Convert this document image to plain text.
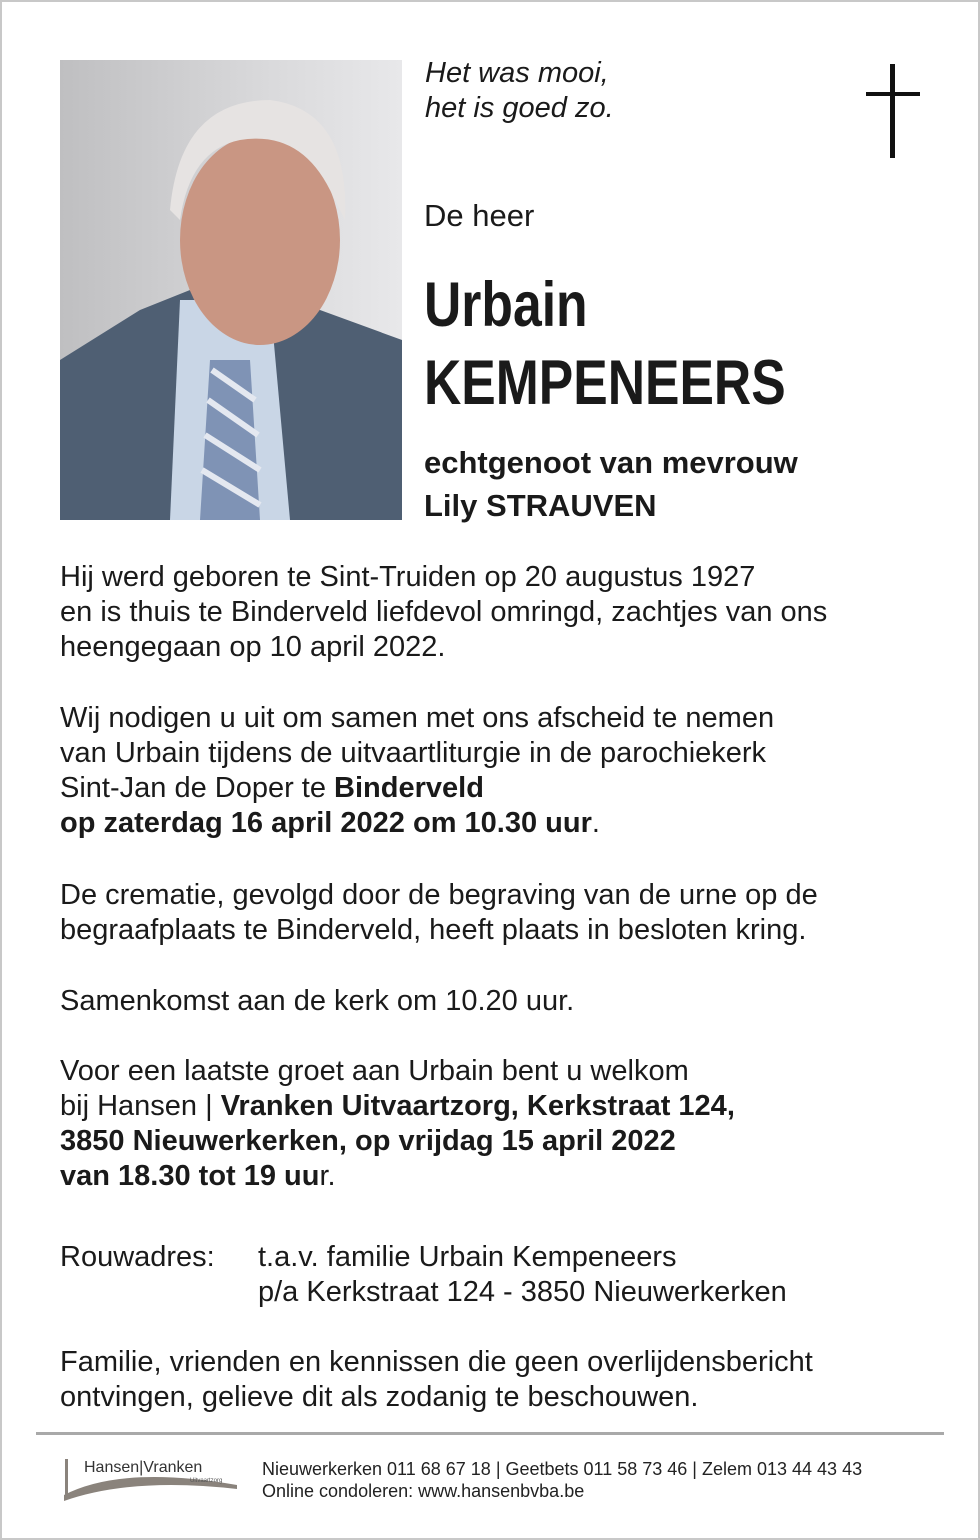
Het was mooi,
het is goed zo.
De heer
Urbain
KEMPENEERS
echtgenoot van mevrouw
Lily STRAUVEN
Hij werd geboren te Sint-Truiden op 20 augustus 1927
en is thuis te Binderveld liefdevol omringd, zachtjes van ons
heengegaan op 10 april 2022.
Wij nodigen u uit om samen met ons afscheid te nemen
van Urbain tijdens de uitvaartliturgie in de parochiekerk
Sint-Jan de Doper te Binderveld
op zaterdag 16 april 2022 om 10.30 uur.
De crematie, gevolgd door de begraving van de urne op de
begraafplaats te Binderveld, heeft plaats in besloten kring.
Samenkomst aan de kerk om 10.20 uur.
Voor een laatste groet aan Urbain bent u welkom
bij Hansen | Vranken Uitvaartzorg, Kerkstraat 124,
3850 Nieuwerkerken, op vrijdag 15 april 2022
van 18.30 tot 19 uur.
Rouwadres: t.a.v. familie Urbain Kempeneers
p/a Kerkstraat 124 - 3850 Nieuwerkerken
Familie, vrienden en kennissen die geen overlijdensbericht
ontvingen, gelieve dit als zodanig te beschouwen.
Hansen|Vranken
Uitvaartzorg
Nieuwerkerken 011 68 67 18 | Geetbets 011 58 73 46 | Zelem 013 44 43 43
Online condoleren: www.hansenbvba.be
